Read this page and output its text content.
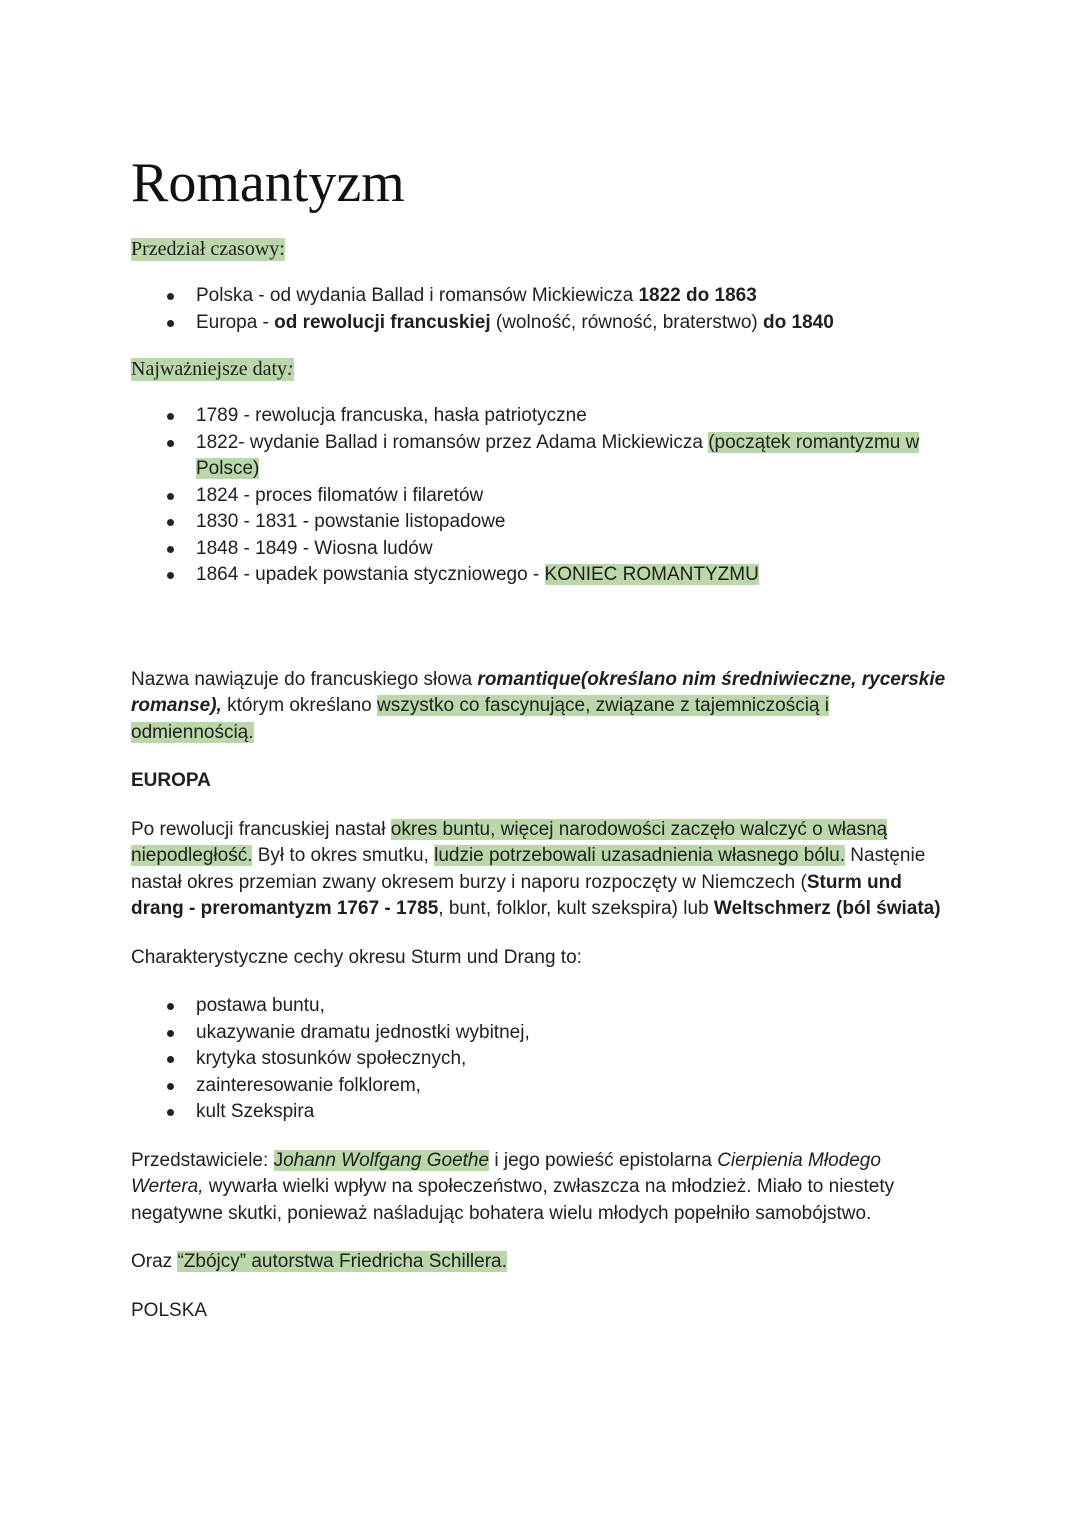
Romantyzm
Przedział czasowy:
Polska - od wydania Ballad i romansów Mickiewicza 1822 do 1863
Europa - od rewolucji francuskiej (wolność, równość, braterstwo) do 1840
Najważniejsze daty:
1789 - rewolucja francuska, hasła patriotyczne
1822- wydanie Ballad i romansów przez Adama Mickiewicza (początek romantyzmu w Polsce)
1824 - proces filomatów i filaretów
1830 - 1831 - powstanie listopadowe
1848 - 1849 - Wiosna ludów
1864 - upadek powstania styczniowego - KONIEC ROMANTYZMU

Nazwa nawiązuje do francuskiego słowa romantique(określano nim średniwieczne, rycerskie romanse), którym określano wszystko co fascynujące, związane z tajemniczością i odmiennością.

EUROPA

Po rewolucji francuskiej nastał okres buntu, więcej narodowości zaczęło walczyć o własną niepodległość. Był to okres smutku, ludzie potrzebowali uzasadnienia własnego bólu. Nastęnie nastał okres przemian zwany okresem burzy i naporu rozpoczęty w Niemczech (Sturm und drang - preromantyzm 1767 - 1785, bunt, folklor, kult szekspira) lub Weltschmerz (ból świata)

Charakterystyczne cechy okresu Sturm und Drang to:

postawa buntu,
ukazywanie dramatu jednostki wybitnej,
krytyka stosunków społecznych,
zainteresowanie folklorem,
kult Szekspira

Przedstawiciele: Johann Wolfgang Goethe i jego powieść epistolarna Cierpienia Młodego Wertera, wywarła wielki wpływ na społeczeństwo, zwłaszcza na młodzież. Miało to niestety negatywne skutki, ponieważ naśladując bohatera wielu młodych popełniło samobójstwo.

Oraz “Zbójcy” autorstwa Friedricha Schillera.

POLSKA
